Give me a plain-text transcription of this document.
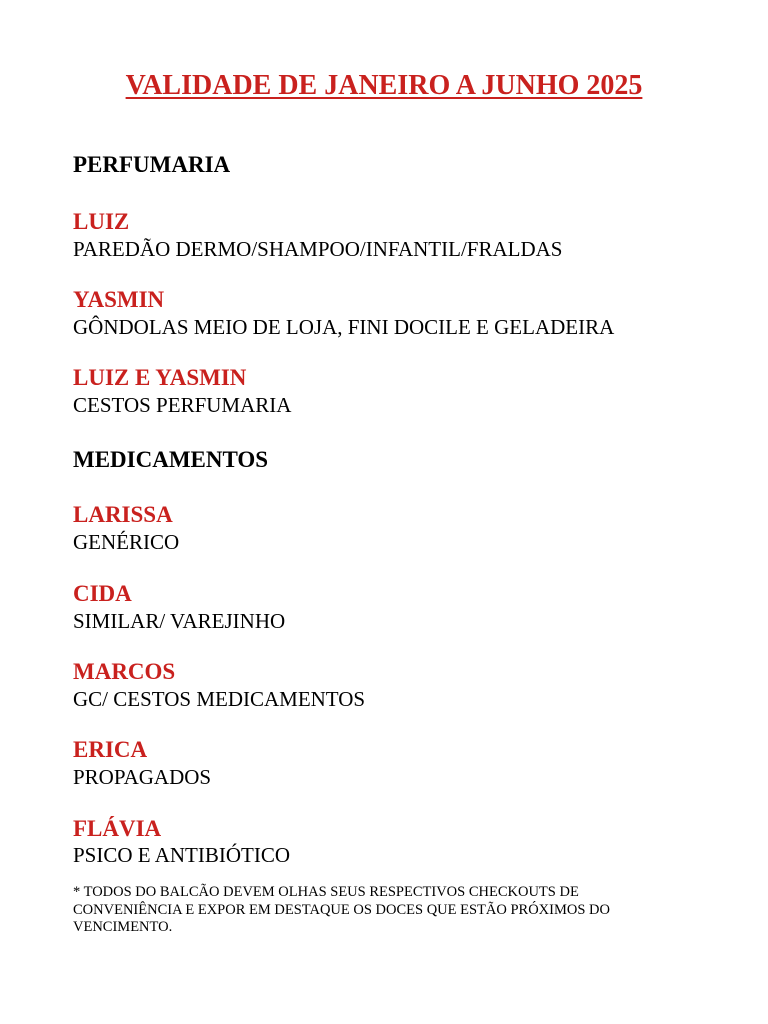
VALIDADE DE JANEIRO A JUNHO 2025
PERFUMARIA
LUIZ
PAREDÃO DERMO/SHAMPOO/INFANTIL/FRALDAS
YASMIN
GÔNDOLAS MEIO DE LOJA, FINI DOCILE E GELADEIRA
LUIZ E YASMIN
CESTOS PERFUMARIA
MEDICAMENTOS
LARISSA
GENÉRICO
CIDA
SIMILAR/ VAREJINHO
MARCOS
GC/ CESTOS MEDICAMENTOS
ERICA
PROPAGADOS
FLÁVIA
PSICO E ANTIBIÓTICO

* TODOS DO BALCÃO DEVEM OLHAS SEUS RESPECTIVOS CHECKOUTS DE CONVENIÊNCIA E EXPOR EM DESTAQUE OS DOCES QUE ESTÃO PRÓXIMOS DO VENCIMENTO.
